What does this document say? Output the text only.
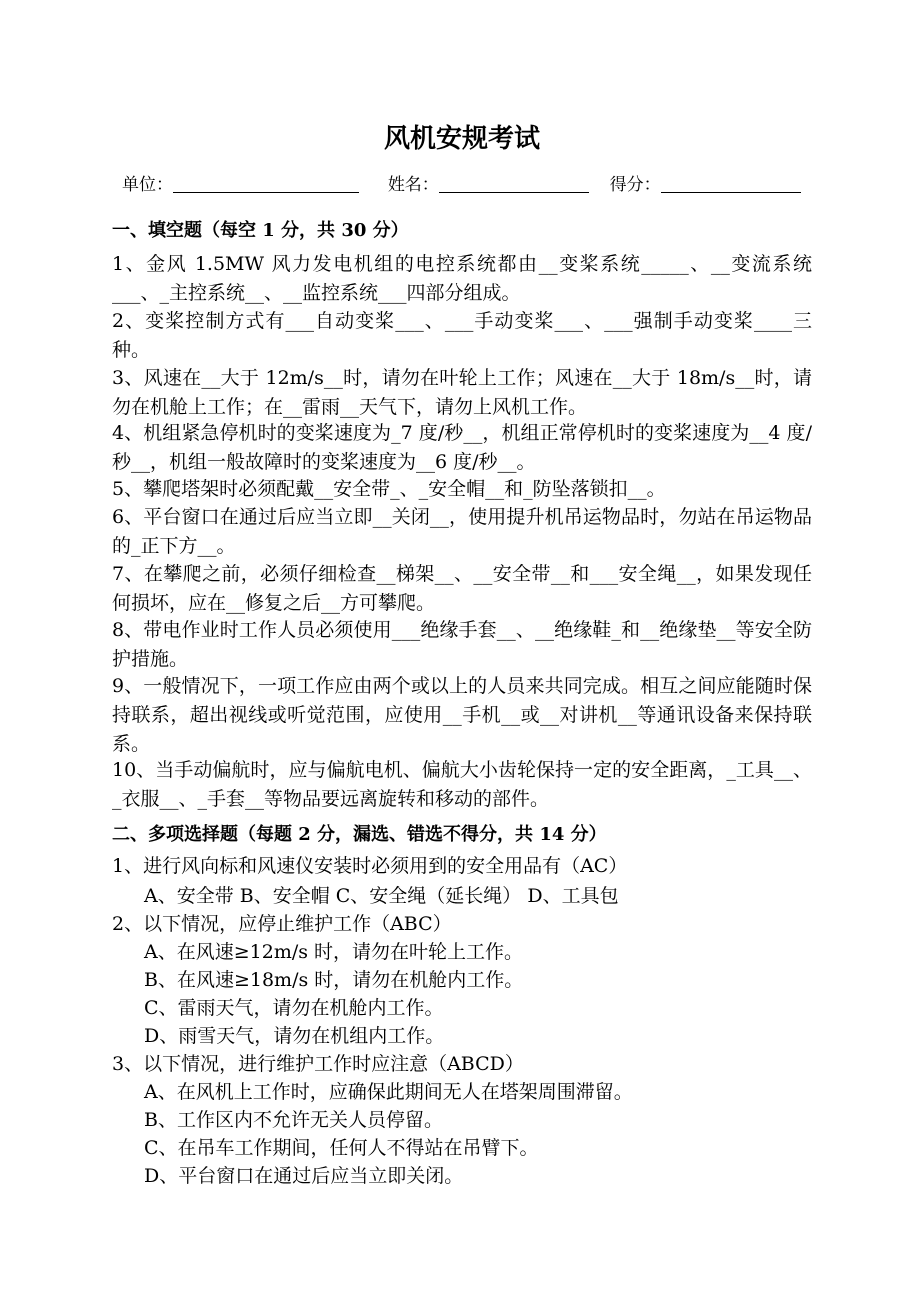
风机安规考试
单位：	姓名：	得分：
一、填空题（每空 1 分，共 30 分）
1、金风 1.5MW 风力发电机组的电控系统都由__变桨系统_____、__变流系统___、_主控系统__、__监控系统___四部分组成。
2、变桨控制方式有___自动变桨___、___手动变桨___、___强制手动变桨____三种。
3、风速在__大于 12m/s__时，请勿在叶轮上工作；风速在__大于 18m/s__时，请勿在机舱上工作；在__雷雨__天气下，请勿上风机工作。
4、机组紧急停机时的变桨速度为_7 度/秒__，机组正常停机时的变桨速度为__4 度/秒__，机组一般故障时的变桨速度为__6 度/秒__。
5、攀爬塔架时必须配戴__安全带_、_安全帽__和_防坠落锁扣__。
6、平台窗口在通过后应当立即__关闭__，使用提升机吊运物品时，勿站在吊运物品的_正下方__。
7、在攀爬之前，必须仔细检查__梯架__、__安全带__和___安全绳__，如果发现任何损坏，应在__修复之后__方可攀爬。
8、带电作业时工作人员必须使用___绝缘手套__、__绝缘鞋_和__绝缘垫__等安全防护措施。
9、一般情况下，一项工作应由两个或以上的人员来共同完成。相互之间应能随时保持联系，超出视线或听觉范围，应使用__手机__或__对讲机__等通讯设备来保持联系。
10、当手动偏航时，应与偏航电机、偏航大小齿轮保持一定的安全距离，_工具__、_衣服__、_手套__等物品要远离旋转和移动的部件。
二、多项选择题（每题 2 分，漏选、错选不得分，共 14 分）
1、进行风向标和风速仪安装时必须用到的安全用品有（AC）
A、安全带 B、安全帽 C、安全绳（延长绳） D、工具包
2、以下情况，应停止维护工作（ABC）
A、在风速≥12m/s 时，请勿在叶轮上工作。
B、在风速≥18m/s 时，请勿在机舱内工作。
C、雷雨天气，请勿在机舱内工作。
D、雨雪天气，请勿在机组内工作。
3、以下情况，进行维护工作时应注意（ABCD）
A、在风机上工作时，应确保此期间无人在塔架周围滞留。
B、工作区内不允许无关人员停留。
C、在吊车工作期间，任何人不得站在吊臂下。
D、平台窗口在通过后应当立即关闭。
